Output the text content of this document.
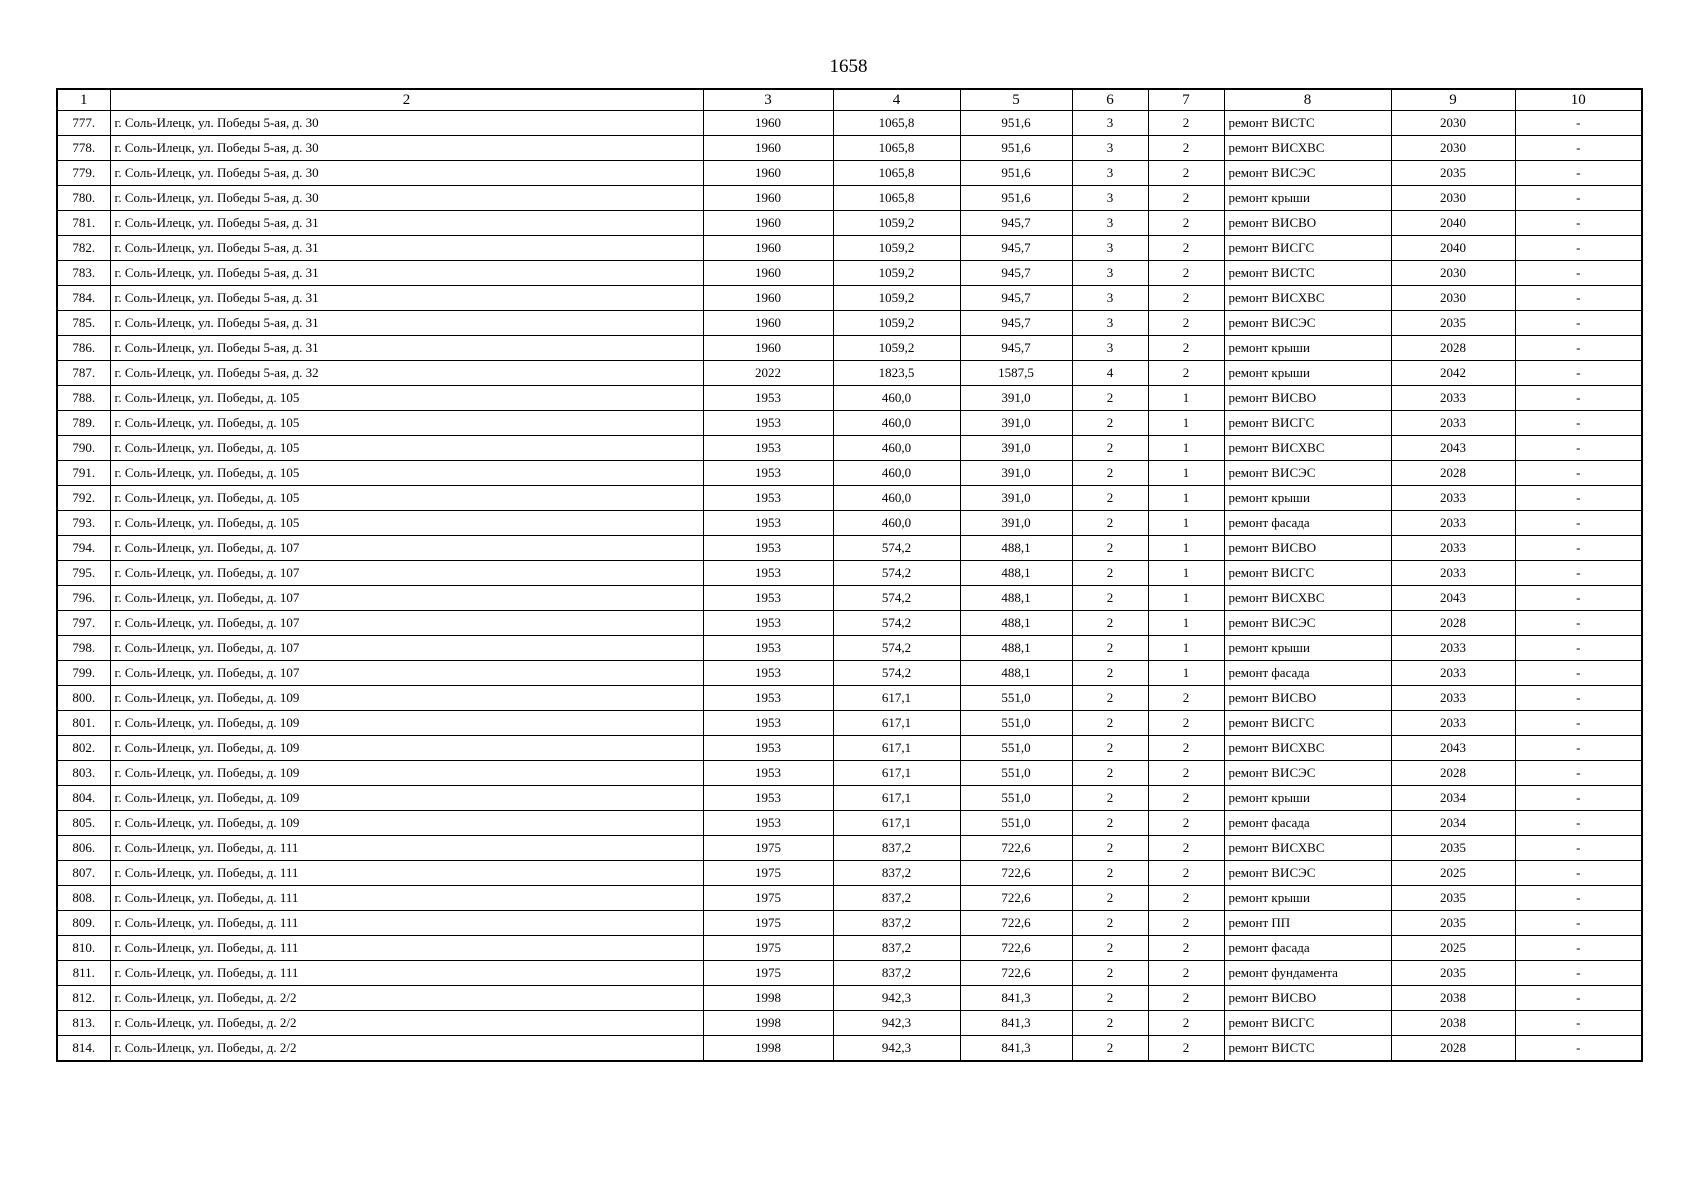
1658
1	2	3	4	5	6	7	8	9	10
777.	г. Соль-Илецк, ул. Победы 5-ая, д. 30	1960	1065,8	951,6	3	2	ремонт ВИСТС	2030	-
778.	г. Соль-Илецк, ул. Победы 5-ая, д. 30	1960	1065,8	951,6	3	2	ремонт ВИСХВС	2030	-
779.	г. Соль-Илецк, ул. Победы 5-ая, д. 30	1960	1065,8	951,6	3	2	ремонт ВИСЭС	2035	-
780.	г. Соль-Илецк, ул. Победы 5-ая, д. 30	1960	1065,8	951,6	3	2	ремонт крыши	2030	-
781.	г. Соль-Илецк, ул. Победы 5-ая, д. 31	1960	1059,2	945,7	3	2	ремонт ВИСВО	2040	-
782.	г. Соль-Илецк, ул. Победы 5-ая, д. 31	1960	1059,2	945,7	3	2	ремонт ВИСГС	2040	-
783.	г. Соль-Илецк, ул. Победы 5-ая, д. 31	1960	1059,2	945,7	3	2	ремонт ВИСТС	2030	-
784.	г. Соль-Илецк, ул. Победы 5-ая, д. 31	1960	1059,2	945,7	3	2	ремонт ВИСХВС	2030	-
785.	г. Соль-Илецк, ул. Победы 5-ая, д. 31	1960	1059,2	945,7	3	2	ремонт ВИСЭС	2035	-
786.	г. Соль-Илецк, ул. Победы 5-ая, д. 31	1960	1059,2	945,7	3	2	ремонт крыши	2028	-
787.	г. Соль-Илецк, ул. Победы 5-ая, д. 32	2022	1823,5	1587,5	4	2	ремонт крыши	2042	-
788.	г. Соль-Илецк, ул. Победы, д. 105	1953	460,0	391,0	2	1	ремонт ВИСВО	2033	-
789.	г. Соль-Илецк, ул. Победы, д. 105	1953	460,0	391,0	2	1	ремонт ВИСГС	2033	-
790.	г. Соль-Илецк, ул. Победы, д. 105	1953	460,0	391,0	2	1	ремонт ВИСХВС	2043	-
791.	г. Соль-Илецк, ул. Победы, д. 105	1953	460,0	391,0	2	1	ремонт ВИСЭС	2028	-
792.	г. Соль-Илецк, ул. Победы, д. 105	1953	460,0	391,0	2	1	ремонт крыши	2033	-
793.	г. Соль-Илецк, ул. Победы, д. 105	1953	460,0	391,0	2	1	ремонт фасада	2033	-
794.	г. Соль-Илецк, ул. Победы, д. 107	1953	574,2	488,1	2	1	ремонт ВИСВО	2033	-
795.	г. Соль-Илецк, ул. Победы, д. 107	1953	574,2	488,1	2	1	ремонт ВИСГС	2033	-
796.	г. Соль-Илецк, ул. Победы, д. 107	1953	574,2	488,1	2	1	ремонт ВИСХВС	2043	-
797.	г. Соль-Илецк, ул. Победы, д. 107	1953	574,2	488,1	2	1	ремонт ВИСЭС	2028	-
798.	г. Соль-Илецк, ул. Победы, д. 107	1953	574,2	488,1	2	1	ремонт крыши	2033	-
799.	г. Соль-Илецк, ул. Победы, д. 107	1953	574,2	488,1	2	1	ремонт фасада	2033	-
800.	г. Соль-Илецк, ул. Победы, д. 109	1953	617,1	551,0	2	2	ремонт ВИСВО	2033	-
801.	г. Соль-Илецк, ул. Победы, д. 109	1953	617,1	551,0	2	2	ремонт ВИСГС	2033	-
802.	г. Соль-Илецк, ул. Победы, д. 109	1953	617,1	551,0	2	2	ремонт ВИСХВС	2043	-
803.	г. Соль-Илецк, ул. Победы, д. 109	1953	617,1	551,0	2	2	ремонт ВИСЭС	2028	-
804.	г. Соль-Илецк, ул. Победы, д. 109	1953	617,1	551,0	2	2	ремонт крыши	2034	-
805.	г. Соль-Илецк, ул. Победы, д. 109	1953	617,1	551,0	2	2	ремонт фасада	2034	-
806.	г. Соль-Илецк, ул. Победы, д. 111	1975	837,2	722,6	2	2	ремонт ВИСХВС	2035	-
807.	г. Соль-Илецк, ул. Победы, д. 111	1975	837,2	722,6	2	2	ремонт ВИСЭС	2025	-
808.	г. Соль-Илецк, ул. Победы, д. 111	1975	837,2	722,6	2	2	ремонт крыши	2035	-
809.	г. Соль-Илецк, ул. Победы, д. 111	1975	837,2	722,6	2	2	ремонт ПП	2035	-
810.	г. Соль-Илецк, ул. Победы, д. 111	1975	837,2	722,6	2	2	ремонт фасада	2025	-
811.	г. Соль-Илецк, ул. Победы, д. 111	1975	837,2	722,6	2	2	ремонт фундамента	2035	-
812.	г. Соль-Илецк, ул. Победы, д. 2/2	1998	942,3	841,3	2	2	ремонт ВИСВО	2038	-
813.	г. Соль-Илецк, ул. Победы, д. 2/2	1998	942,3	841,3	2	2	ремонт ВИСГС	2038	-
814.	г. Соль-Илецк, ул. Победы, д. 2/2	1998	942,3	841,3	2	2	ремонт ВИСТС	2028	-
